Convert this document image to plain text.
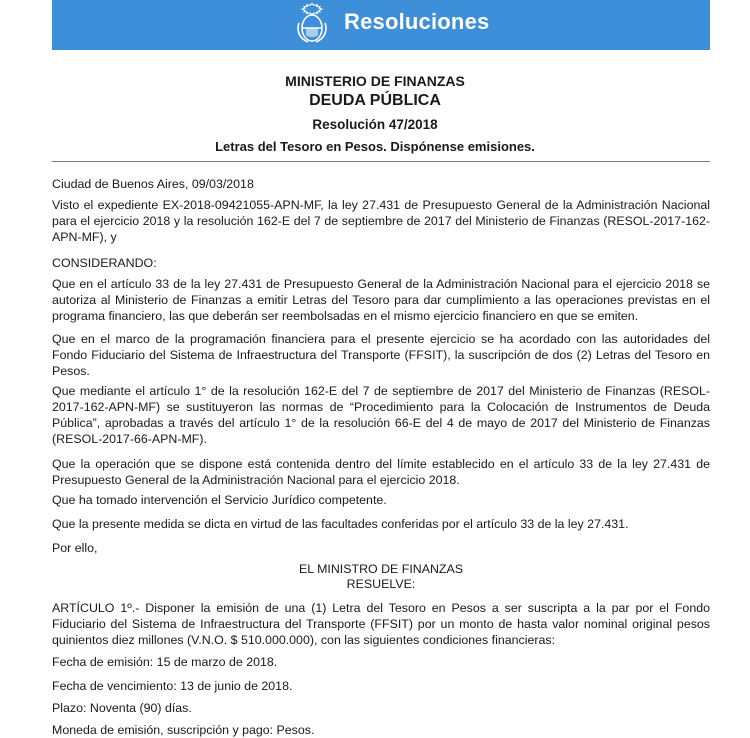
Resoluciones
MINISTERIO DE FINANZAS
DEUDA PÚBLICA
Resolución 47/2018
Letras del Tesoro en Pesos. Dispónense emisiones.

Ciudad de Buenos Aires, 09/03/2018

Visto el expediente EX-2018-09421055-APN-MF, la ley 27.431 de Presupuesto General de la Administración Nacional para el ejercicio 2018 y la resolución 162-E del 7 de septiembre de 2017 del Ministerio de Finanzas (RESOL-2017-162-APN-MF), y

CONSIDERANDO:

Que en el artículo 33 de la ley 27.431 de Presupuesto General de la Administración Nacional para el ejercicio 2018 se autoriza al Ministerio de Finanzas a emitir Letras del Tesoro para dar cumplimiento a las operaciones previstas en el programa financiero, las que deberán ser reembolsadas en el mismo ejercicio financiero en que se emiten.

Que en el marco de la programación financiera para el presente ejercicio se ha acordado con las autoridades del Fondo Fiduciario del Sistema de Infraestructura del Transporte (FFSIT), la suscripción de dos (2) Letras del Tesoro en Pesos.

Que mediante el artículo 1° de la resolución 162-E del 7 de septiembre de 2017 del Ministerio de Finanzas (RESOL-2017-162-APN-MF) se sustituyeron las normas de “Procedimiento para la Colocación de Instrumentos de Deuda Pública”, aprobadas a través del artículo 1° de la resolución 66-E del 4 de mayo de 2017 del Ministerio de Finanzas (RESOL-2017-66-APN-MF).

Que la operación que se dispone está contenida dentro del límite establecido en el artículo 33 de la ley 27.431 de Presupuesto General de la Administración Nacional para el ejercicio 2018.

Que ha tomado intervención el Servicio Jurídico competente.

Que la presente medida se dicta en virtud de las facultades conferidas por el artículo 33 de la ley 27.431.

Por ello,

EL MINISTRO DE FINANZAS

RESUELVE:

ARTÍCULO 1º.- Disponer la emisión de una (1) Letra del Tesoro en Pesos a ser suscripta a la par por el Fondo Fiduciario del Sistema de Infraestructura del Transporte (FFSIT) por un monto de hasta valor nominal original pesos quinientos diez millones (V.N.O. $ 510.000.000), con las siguientes condiciones financieras:

Fecha de emisión: 15 de marzo de 2018.

Fecha de vencimiento: 13 de junio de 2018.

Plazo: Noventa (90) días.

Moneda de emisión, suscripción y pago: Pesos.
